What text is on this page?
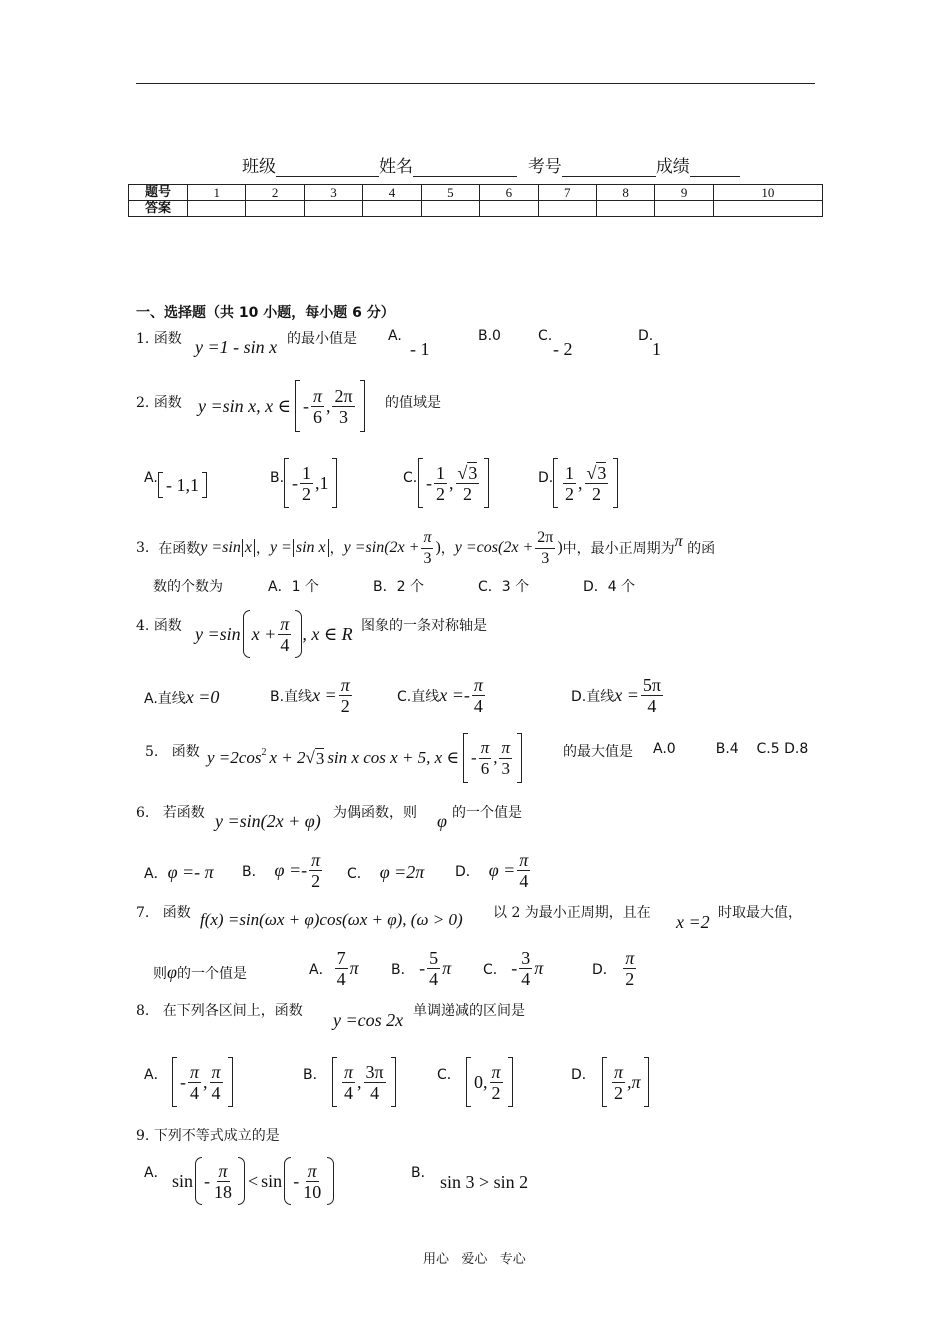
班级	姓名	考号	成绩
题号	1	2	3	4	5	6	7	8	9	10
答案										
一、选择题（共 10 小题，每小题 6 分）
1. 函数 y =1 - sin x 的最小值是 A.
- 1
B.0	C.
- 2
D.
1
2. 函数 y =sin x, x ∈ - $\frac{\pi}{6}$ , $\frac{2\pi}{3}$ 的值域是
A. - 1,1	B. - $\frac{1}{2} ,1$	C. - $\frac{1}{2}$ , $\frac{√3}{2}$	D. $\frac{1}{2}$ , $\frac{√3}{2}$
3.
在函数 y =sin x ， y = sin x ， $y =\sin(2x + \frac{\pi}{3}$ ) ， $y =\cos(2x + \frac{2\pi}{3}$ ) 中，最小正周期为 π
的函
数的个数为	A．1 个	B．2 个	C．3 个	D．4 个
4. 函数 y =sin $x + \frac{\pi}{4}$ , x ∈ R 图象的一条对称轴是
A.直线x =0	B.直线 $x = \frac{\pi}{2}$	C.直线 $x =- \frac{\pi}{4}$	D.直线 $x = \frac{5\pi}{4}$
5. 函数 $y =2\cos^2$ x + 2 √ 3 sin x cos x + 5, x ∈ - $\frac{\pi}{6}$ , $\frac{\pi}{3}$	的最大值是 A.0         B.4    C.5 D.8
6. 若函数 y =sin(2x + φ) 为偶函数，则 φ 的一个值是
A．φ =- π B．
$\varphi =- \frac{\pi}{2}$ C． φ =2π D．
$\varphi = \frac{\pi}{4}$
7. 函数 f(x) =sin(ωx + φ)cos(ωx + φ), (ω > 0) 以 2 为最小正周期，且在 x =2 时取最大值，
则φ的一个值是	A． $\frac{7}{4}$ π B．
- $\frac{5}{4}$ π C．
- $\frac{3}{4}$ π	D．
$\frac{\pi}{2}$
8. 在下列各区间上，函数 y =cos 2x 单调递减的区间是
A． - $\frac{\pi}{4}$ , $\frac{\pi}{4}$	B． $\frac{\pi}{4}$ , $\frac{3\pi}{4}$	C． 0, $\frac{\pi}{2}$	D． $\frac{\pi}{2} ,\pi$
9. 下列不等式成立的是
A． $\sin - \frac{\pi}{18} < \sin - \frac{\pi}{10}$	B． sin 3 > sin 2
用心   爱心   专心
